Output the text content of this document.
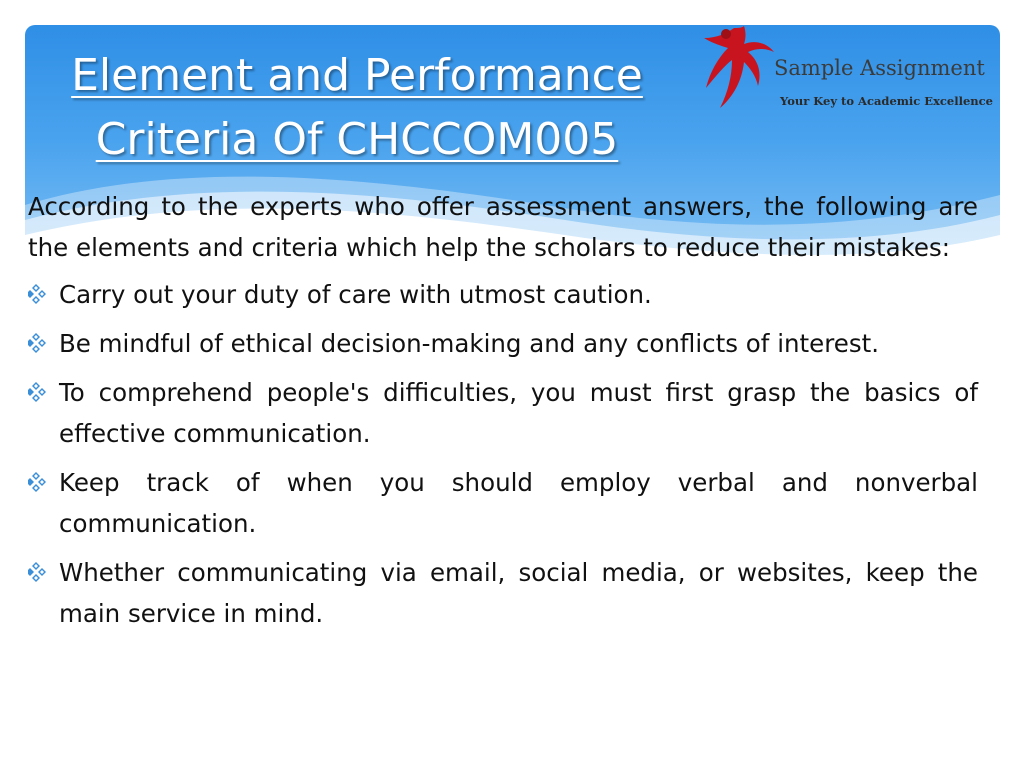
Element and Performance
Criteria Of CHCCOM005
Sample Assignment
Your Key to Academic Excellence

According to the experts who offer assessment answers, the following are the elements and criteria which help the scholars to reduce their mistakes:

Carry out your duty of care with utmost caution.
Be mindful of ethical decision-making and any conflicts of interest.
To comprehend people's difficulties, you must first grasp the basics of effective communication.
Keep track of when you should employ verbal and nonverbal communication.
Whether communicating via email, social media, or websites, keep the main service in mind.
